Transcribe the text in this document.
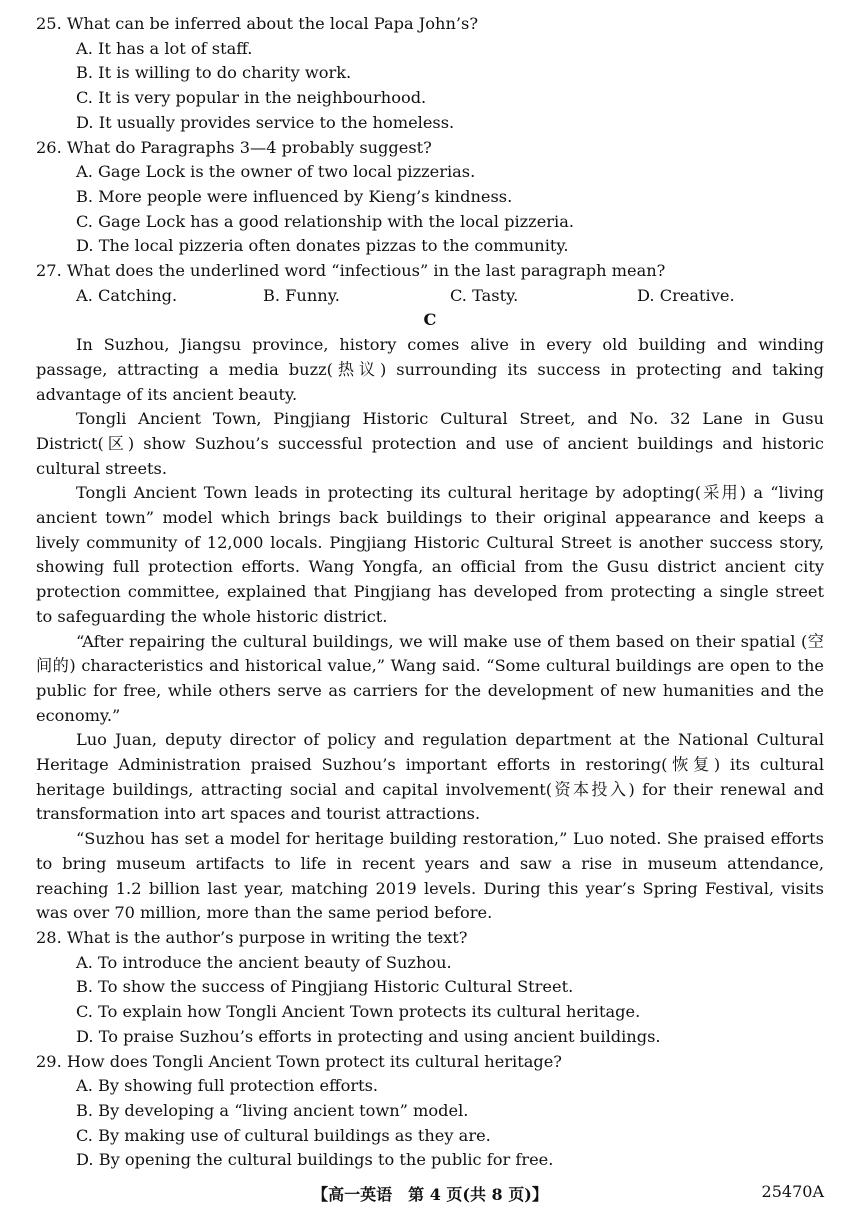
25. What can be inferred about the local Papa John’s?

A. It has a lot of staff.

B. It is willing to do charity work.

C. It is very popular in the neighbourhood.

D. It usually provides service to the homeless.

26. What do Paragraphs 3—4 probably suggest?

A. Gage Lock is the owner of two local pizzerias.

B. More people were influenced by Kieng’s kindness.

C. Gage Lock has a good relationship with the local pizzeria.

D. The local pizzeria often donates pizzas to the community.

27. What does the underlined word “infectious” in the last paragraph mean?

A. Catching.	B. Funny.	C. Tasty.	D. Creative.

C

In Suzhou, Jiangsu province, history comes alive in every old building and winding passage, attracting a media buzz(热议) surrounding its success in protecting and taking advantage of its ancient beauty.

Tongli Ancient Town, Pingjiang Historic Cultural Street, and No. 32 Lane in Gusu District(区) show Suzhou’s successful protection and use of ancient buildings and historic cultural streets.

Tongli Ancient Town leads in protecting its cultural heritage by adopting(采用) a “living ancient town” model which brings back buildings to their original appearance and keeps a lively community of 12,000 locals. Pingjiang Historic Cultural Street is another success story, showing full protection efforts. Wang Yongfa, an official from the Gusu district ancient city protection committee, explained that Pingjiang has developed from protecting a single street to safeguarding the whole historic district.

“After repairing the cultural buildings, we will make use of them based on their spatial (空间的) characteristics and historical value,” Wang said. “Some cultural buildings are open to the public for free, while others serve as carriers for the development of new humanities and the economy.”

Luo Juan, deputy director of policy and regulation department at the National Cultural Heritage Administration praised Suzhou’s important efforts in restoring(恢复) its cultural heritage buildings, attracting social and capital involvement(资本投入) for their renewal and transformation into art spaces and tourist attractions.

“Suzhou has set a model for heritage building restoration,” Luo noted. She praised efforts to bring museum artifacts to life in recent years and saw a rise in museum attendance, reaching 1.2 billion last year, matching 2019 levels. During this year’s Spring Festival, visits was over 70 million, more than the same period before.

28. What is the author’s purpose in writing the text?

A. To introduce the ancient beauty of Suzhou.

B. To show the success of Pingjiang Historic Cultural Street.

C. To explain how Tongli Ancient Town protects its cultural heritage.

D. To praise Suzhou’s efforts in protecting and using ancient buildings.

29. How does Tongli Ancient Town protect its cultural heritage?

A. By showing full protection efforts.

B. By developing a “living ancient town” model.

C. By making use of cultural buildings as they are.

D. By opening the cultural buildings to the public for free.

【高一英语　第 4 页(共 8 页)】	25470A
